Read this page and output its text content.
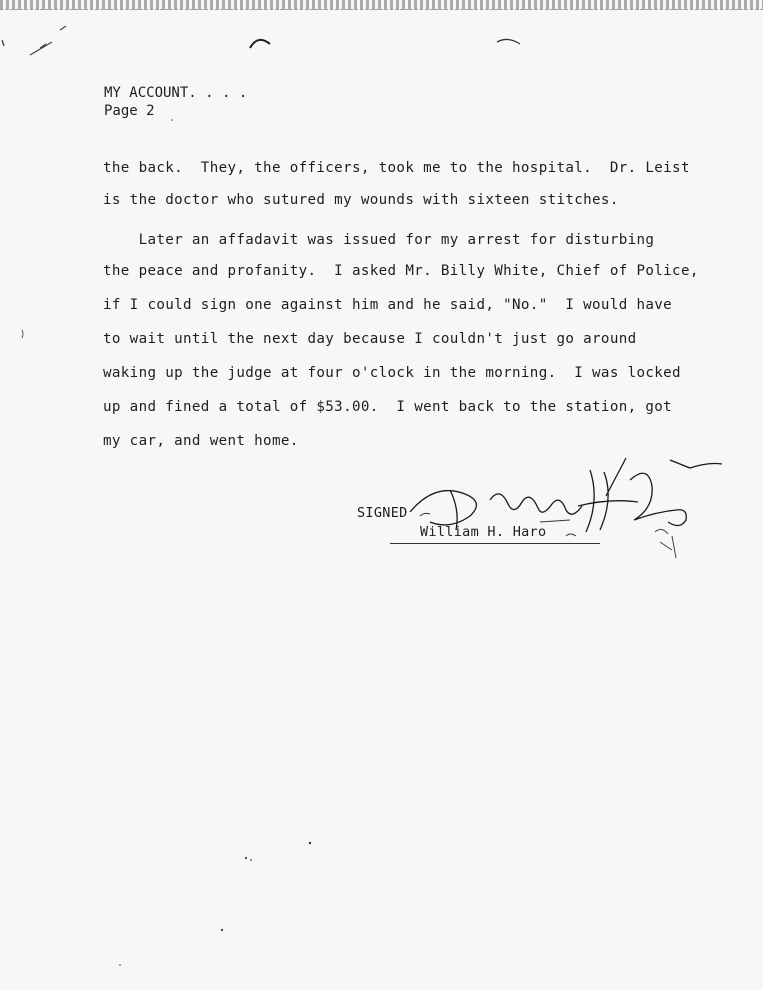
MY ACCOUNT. . . .
Page 2
the back.  They, the officers, took me to the hospital.  Dr. Leist
is the doctor who sutured my wounds with sixteen stitches.
Later an affadavit was issued for my arrest for disturbing
the peace and profanity.  I asked Mr. Billy White, Chief of Police,
if I could sign one against him and he said, "No."  I would have
to wait until the next day because I couldn't just go around
waking up the judge at four o'clock in the morning.  I was locked
up and fined a total of $53.00.  I went back to the station, got
my car, and went home.
SIGNED
William H. Haro
